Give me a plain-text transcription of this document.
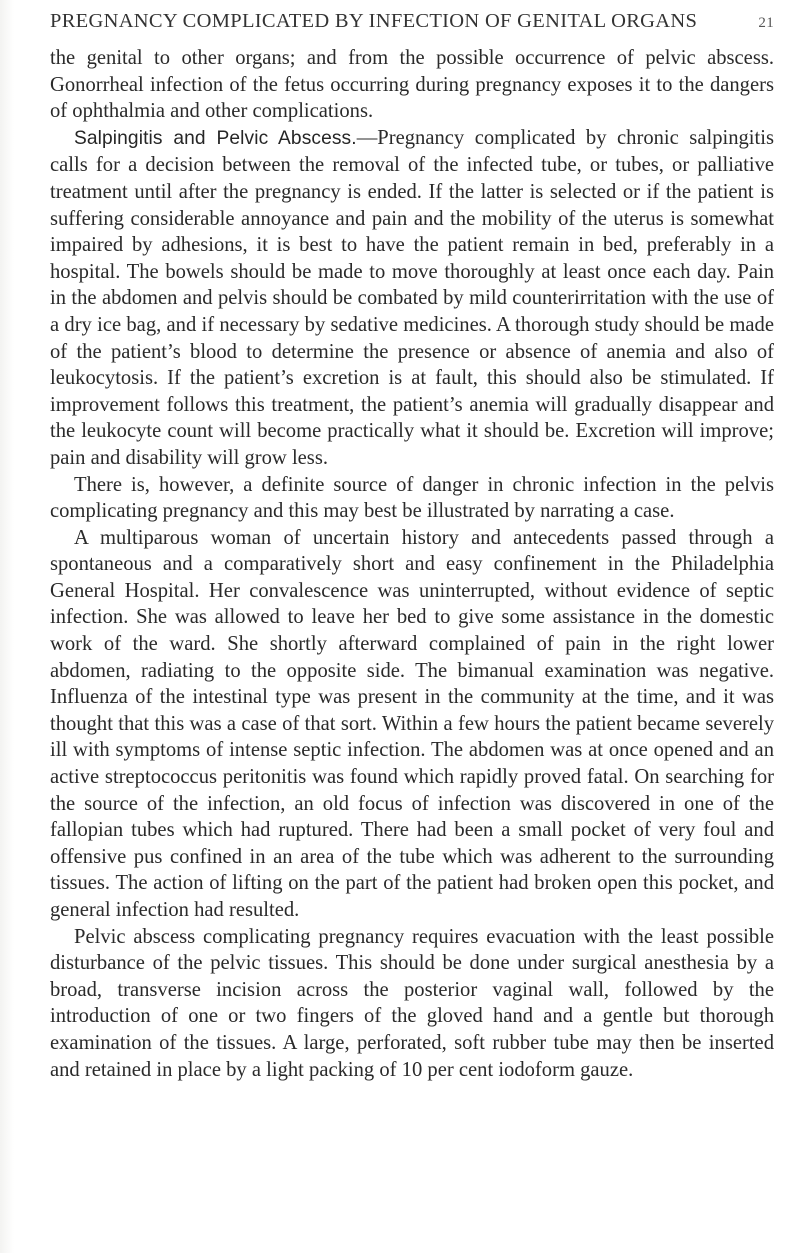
PREGNANCY COMPLICATED BY INFECTION OF GENITAL ORGANS	21

the genital to other organs; and from the possible occurrence of pelvic abscess. Gonorrheal infection of the fetus occurring during pregnancy exposes it to the dangers of ophthalmia and other complications.

Salpingitis and Pelvic Abscess.—Pregnancy complicated by chronic salpingitis calls for a decision between the removal of the infected tube, or tubes, or palliative treatment until after the pregnancy is ended. If the latter is selected or if the patient is suffering considerable annoyance and pain and the mobility of the uterus is somewhat impaired by adhesions, it is best to have the patient remain in bed, preferably in a hospital. The bowels should be made to move thoroughly at least once each day. Pain in the abdomen and pelvis should be combated by mild counterirritation with the use of a dry ice bag, and if necessary by sedative medicines. A thorough study should be made of the patient’s blood to determine the presence or absence of anemia and also of leukocytosis. If the patient’s excretion is at fault, this should also be stimulated. If improvement follows this treatment, the patient’s anemia will gradually disappear and the leukocyte count will become practically what it should be. Excretion will improve; pain and disability will grow less.

There is, however, a definite source of danger in chronic infection in the pelvis complicating pregnancy and this may best be illustrated by narrating a case.

A multiparous woman of uncertain history and antecedents passed through a spontaneous and a comparatively short and easy confinement in the Philadelphia General Hospital. Her convalescence was uninterrupted, without evidence of septic infection. She was allowed to leave her bed to give some assistance in the domestic work of the ward. She shortly afterward complained of pain in the right lower abdomen, radiating to the opposite side. The bimanual examination was negative. Influenza of the intestinal type was present in the community at the time, and it was thought that this was a case of that sort. Within a few hours the patient became severely ill with symptoms of intense septic infection. The abdomen was at once opened and an active streptococcus peritonitis was found which rapidly proved fatal. On searching for the source of the infection, an old focus of infection was discovered in one of the fallopian tubes which had ruptured. There had been a small pocket of very foul and offensive pus confined in an area of the tube which was adherent to the surrounding tissues. The action of lifting on the part of the patient had broken open this pocket, and general infection had resulted.

Pelvic abscess complicating pregnancy requires evacuation with the least possible disturbance of the pelvic tissues. This should be done under surgical anesthesia by a broad, transverse incision across the posterior vaginal wall, followed by the introduction of one or two fingers of the gloved hand and a gentle but thorough examination of the tissues. A large, perforated, soft rubber tube may then be inserted and retained in place by a light packing of 10 per cent iodoform gauze.
